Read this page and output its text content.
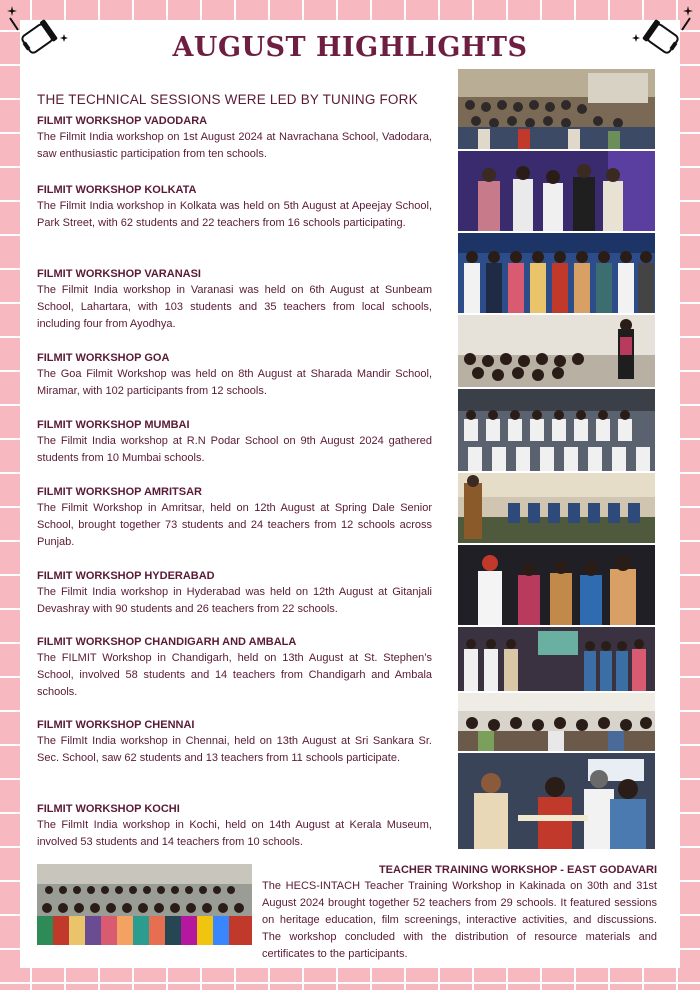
AUGUST HIGHLIGHTS
THE TECHNICAL SESSIONS WERE LED BY TUNING FORK
FILMIT WORKSHOP VADODARA

The Filmit India workshop on 1st August 2024 at Navrachana School, Vadodara, saw enthusiastic participation from ten schools.

FILMIT WORKSHOP KOLKATA

The Filmit India workshop in Kolkata was held on 5th August at Apeejay School, Park Street, with 62 students and 22 teachers from 16 schools participating.

FILMIT WORKSHOP VARANASI

The Filmit India workshop in Varanasi was held on 6th August at Sunbeam School, Lahartara, with 103 students and 35 teachers from local schools, including four from Ayodhya.

FILMIT WORKSHOP GOA

The Goa Filmit Workshop was held on 8th August at Sharada Mandir School, Miramar, with 102 participants from 12 schools.

FILMIT WORKSHOP MUMBAI

The Filmit India workshop at R.N Podar School on 9th August 2024 gathered students from 10 Mumbai schools.

FILMIT WORKSHOP AMRITSAR

The Filmit Workshop in Amritsar, held on 12th August at Spring Dale Senior School, brought together 73 students and 24 teachers from 12 schools across Punjab.

FILMIT WORKSHOP HYDERABAD

The Filmit India workshop in Hyderabad was held on 12th August at Gitanjali Devashray with 90 students and 26 teachers from 22 schools.

FILMIT WORKSHOP CHANDIGARH AND AMBALA

The FILMIT Workshop in Chandigarh, held on 13th August at St. Stephen’s School, involved 58 students and 14 teachers from Chandigarh and Ambala schools.

FILMIT WORKSHOP CHENNAI

The FilmIt India workshop in Chennai, held on 13th August at Sri Sankara Sr. Sec. School, saw 62 students and 13 teachers from 11 schools participate.

FILMIT WORKSHOP KOCHI

The FilmIt India workshop in Kochi, held on 14th August at Kerala Museum, involved 53 students and 14 teachers from 10 schools.

TEACHER TRAINING WORKSHOP - EAST GODAVARI

The HECS-INTACH Teacher Training Workshop in Kakinada on 30th and 31st August 2024 brought together 52 teachers from 29 schools. It featured sessions on heritage education, film screenings, interactive activities, and discussions. The workshop concluded with the distribution of resource materials and certificates to the participants.
